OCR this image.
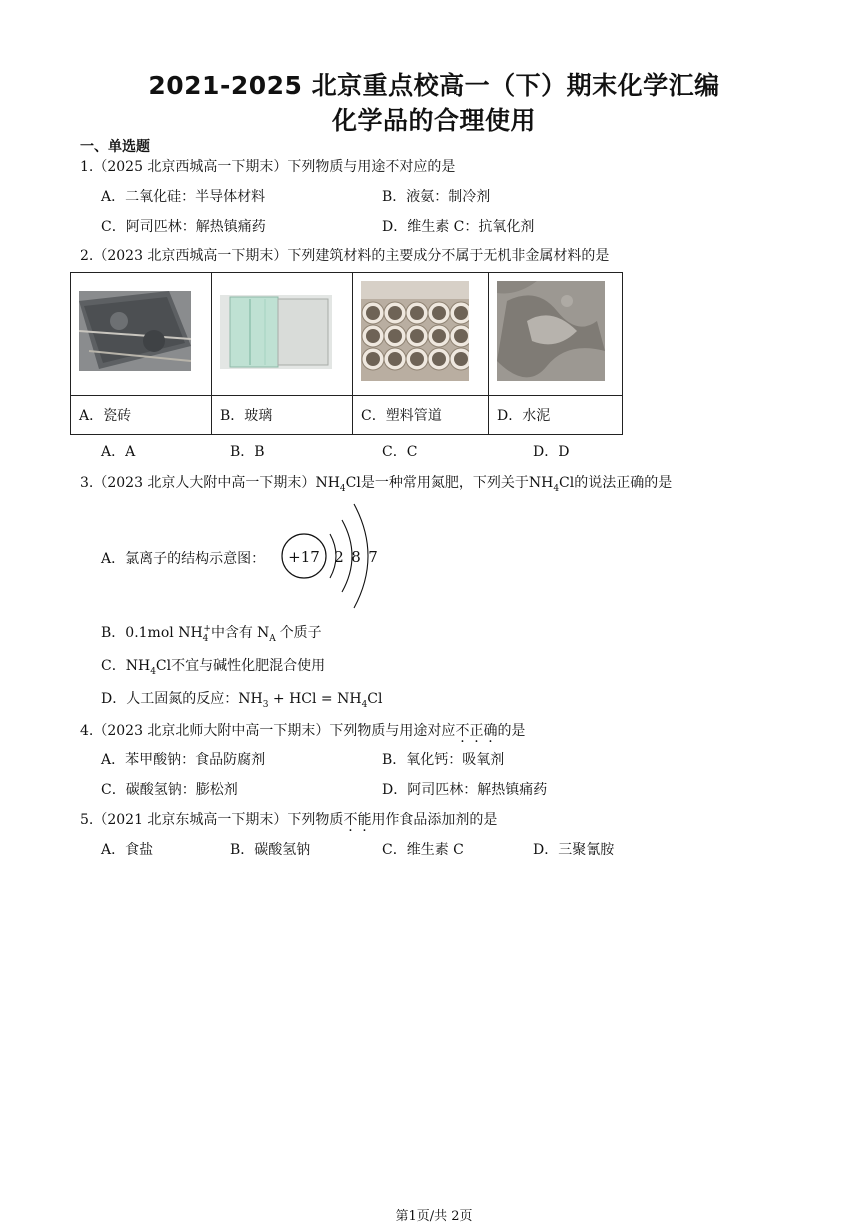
2021-2025 北京重点校高一（下）期末化学汇编
化学品的合理使用
一、单选题
1.（2025 北京西城高一下期末）下列物质与用途不对应的是
A．二氧化硅：半导体材料	B．液氨：制冷剂
C．阿司匹林：解热镇痛药	D．维生素 C：抗氧化剂
2.（2023 北京西城高一下期末）下列建筑材料的主要成分不属于无机非金属材料的是

A．瓷砖	B．玻璃	C．塑料管道	D．水泥
A．A	B．B	C．C	D．D
3.（2023 北京人大附中高一下期末）$NH_4Cl$是一种常用氮肥，下列关于$NH_4Cl$的说法正确的是
A．氯离子的结构示意图： +17 2 8 7
B．0.1mol $NH_4^+$中含有 $N_A$ 个质子
C．$NH_4Cl$不宜与碱性化肥混合使用
D．人工固氮的反应：$NH_3$ + HCl = $NH_4Cl$
4.（2023 北京北师大附中高一下期末）下列物质与用途对应不正确的是
A．苯甲酸钠：食品防腐剂	B．氧化钙：吸氧剂
C．碳酸氢钠：膨松剂	D．阿司匹林：解热镇痛药
5.（2021 北京东城高一下期末）下列物质不能用作食品添加剂的是
A．食盐	B．碳酸氢钠	C．维生素 C	D．三聚氰胺
第1页/共 2页
